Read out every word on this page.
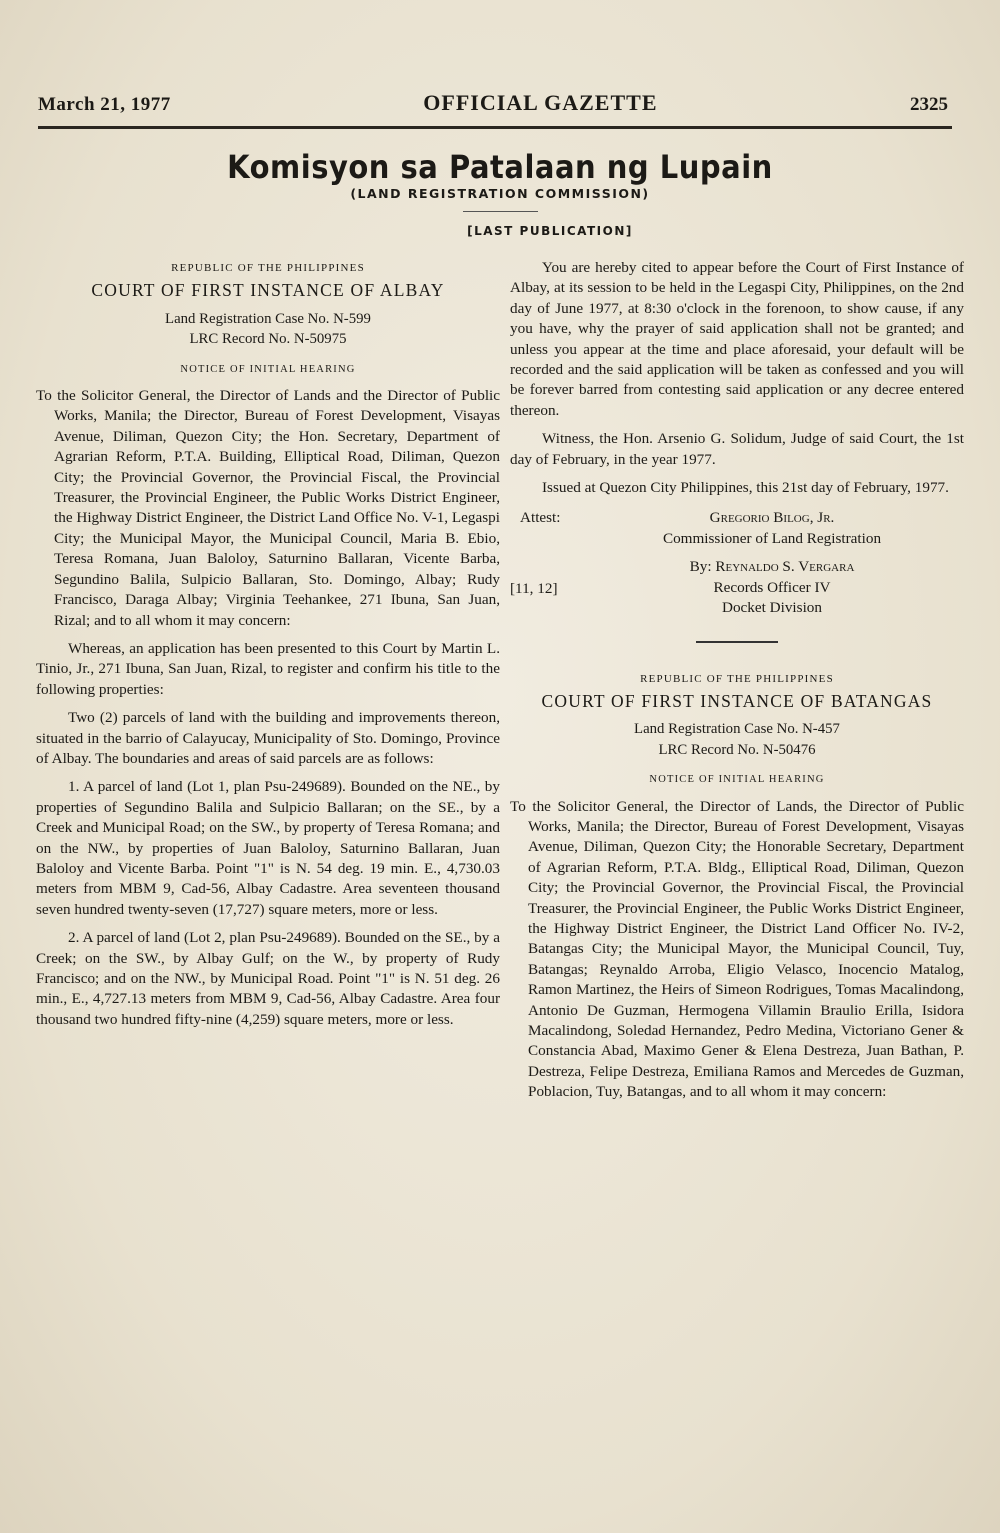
March 21, 1977	OFFICIAL GAZETTE	2325
Komisyon sa Patalaan ng Lupain
(LAND REGISTRATION COMMISSION)
[LAST PUBLICATION]
REPUBLIC OF THE PHILIPPINES
COURT OF FIRST INSTANCE OF ALBAY
Land Registration Case No. N-599
LRC Record No. N-50975
NOTICE OF INITIAL HEARING
To the Solicitor General, the Director of Lands and the Director of Public Works, Manila; the Director, Bureau of Forest Development, Visayas Avenue, Diliman, Quezon City; the Hon. Secretary, Department of Agrarian Reform, P.T.A. Building, Elliptical Road, Diliman, Quezon City; the Provincial Governor, the Provincial Fiscal, the Provincial Treasurer, the Provincial Engineer, the Public Works District Engineer, the Highway District Engineer, the District Land Office No. V-1, Legaspi City; the Municipal Mayor, the Municipal Council, Maria B. Ebio, Teresa Romana, Juan Baloloy, Saturnino Ballaran, Vicente Barba, Segundino Balila, Sulpicio Ballaran, Sto. Domingo, Albay; Rudy Francisco, Daraga Albay; Virginia Teehankee, 271 Ibuna, San Juan, Rizal; and to all whom it may concern:

Whereas, an application has been presented to this Court by Martin L. Tinio, Jr., 271 Ibuna, San Juan, Rizal, to register and confirm his title to the following properties:

Two (2) parcels of land with the building and improvements thereon, situated in the barrio of Calayucay, Municipality of Sto. Domingo, Province of Albay. The boundaries and areas of said parcels are as follows:

1. A parcel of land (Lot 1, plan Psu-249689). Bounded on the NE., by properties of Segundino Balila and Sulpicio Ballaran; on the SE., by a Creek and Municipal Road; on the SW., by property of Teresa Romana; and on the NW., by properties of Juan Baloloy, Saturnino Ballaran, Juan Baloloy and Vicente Barba. Point "1" is N. 54 deg. 19 min. E., 4,730.03 meters from MBM 9, Cad-56, Albay Cadastre. Area seventeen thousand seven hundred twenty-seven (17,727) square meters, more or less.

2. A parcel of land (Lot 2, plan Psu-249689). Bounded on the SE., by a Creek; on the SW., by Albay Gulf; on the W., by property of Rudy Francisco; and on the NW., by Municipal Road. Point "1" is N. 51 deg. 26 min., E., 4,727.13 meters from MBM 9, Cad-56, Albay Cadastre. Area four thousand two hundred fifty-nine (4,259) square meters, more or less.

You are hereby cited to appear before the Court of First Instance of Albay, at its session to be held in the Legaspi City, Philippines, on the 2nd day of June 1977, at 8:30 o'clock in the forenoon, to show cause, if any you have, why the prayer of said application shall not be granted; and unless you appear at the time and place aforesaid, your default will be recorded and the said application will be taken as confessed and you will be forever barred from contesting said application or any decree entered thereon.

Witness, the Hon. Arsenio G. Solidum, Judge of said Court, the 1st day of February, in the year 1977.

Issued at Quezon City Philippines, this 21st day of February, 1977.

Attest:	Gregorio Bilog, Jr.
Commissioner of Land Registration
[11, 12]
By: Reynaldo S. Vergara
Records Officer IV
Docket Division
REPUBLIC OF THE PHILIPPINES
COURT OF FIRST INSTANCE OF BATANGAS
Land Registration Case No. N-457
LRC Record No. N-50476
NOTICE OF INITIAL HEARING
To the Solicitor General, the Director of Lands, the Director of Public Works, Manila; the Director, Bureau of Forest Development, Visayas Avenue, Diliman, Quezon City; the Honorable Secretary, Department of Agrarian Reform, P.T.A. Bldg., Elliptical Road, Diliman, Quezon City; the Provincial Governor, the Provincial Fiscal, the Provincial Treasurer, the Provincial Engineer, the Public Works District Engineer, the Highway District Engineer, the District Land Officer No. IV-2, Batangas City; the Municipal Mayor, the Municipal Council, Tuy, Batangas; Reynaldo Arroba, Eligio Velasco, Inocencio Matalog, Ramon Martinez, the Heirs of Simeon Rodrigues, Tomas Macalindong, Antonio De Guzman, Hermogena Villamin Braulio Erilla, Isidora Macalindong, Soledad Hernandez, Pedro Medina, Victoriano Gener & Constancia Abad, Maximo Gener & Elena Destreza, Juan Bathan, P. Destreza, Felipe Destreza, Emiliana Ramos and Mercedes de Guzman, Poblacion, Tuy, Batangas, and to all whom it may concern:
